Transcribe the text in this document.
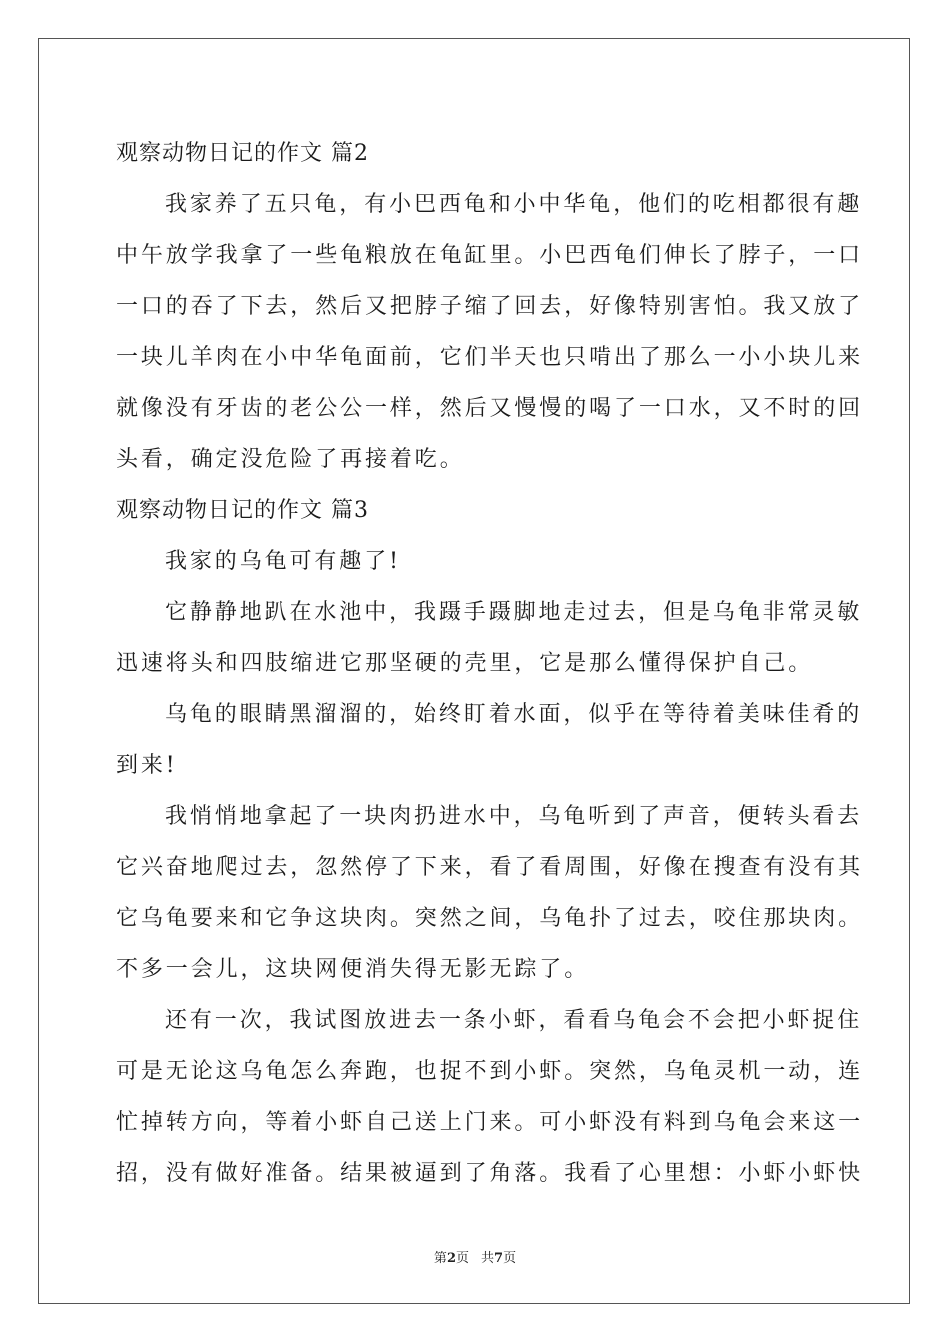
观察动物日记的作文 篇2
我家养了五只龟，有小巴西龟和小中华龟，他们的吃相都很有趣
中午放学我拿了一些龟粮放在龟缸里。小巴西龟们伸长了脖子，一口
一口的吞了下去，然后又把脖子缩了回去，好像特别害怕。我又放了
一块儿羊肉在小中华龟面前，它们半天也只啃出了那么一小小块儿来
就像没有牙齿的老公公一样，然后又慢慢的喝了一口水，又不时的回
头看，确定没危险了再接着吃。
观察动物日记的作文 篇3
我家的乌龟可有趣了!
它静静地趴在水池中，我蹑手蹑脚地走过去，但是乌龟非常灵敏
迅速将头和四肢缩进它那坚硬的壳里，它是那么懂得保护自己。
乌龟的眼睛黑溜溜的，始终盯着水面，似乎在等待着美味佳肴的
到来!
我悄悄地拿起了一块肉扔进水中，乌龟听到了声音，便转头看去
它兴奋地爬过去，忽然停了下来，看了看周围，好像在搜查有没有其
它乌龟要来和它争这块肉。突然之间，乌龟扑了过去，咬住那块肉。
不多一会儿，这块网便消失得无影无踪了。
还有一次，我试图放进去一条小虾，看看乌龟会不会把小虾捉住
可是无论这乌龟怎么奔跑，也捉不到小虾。突然，乌龟灵机一动，连
忙掉转方向，等着小虾自己送上门来。可小虾没有料到乌龟会来这一
招，没有做好准备。结果被逼到了角落。我看了心里想：小虾小虾快
第2页 共7页
